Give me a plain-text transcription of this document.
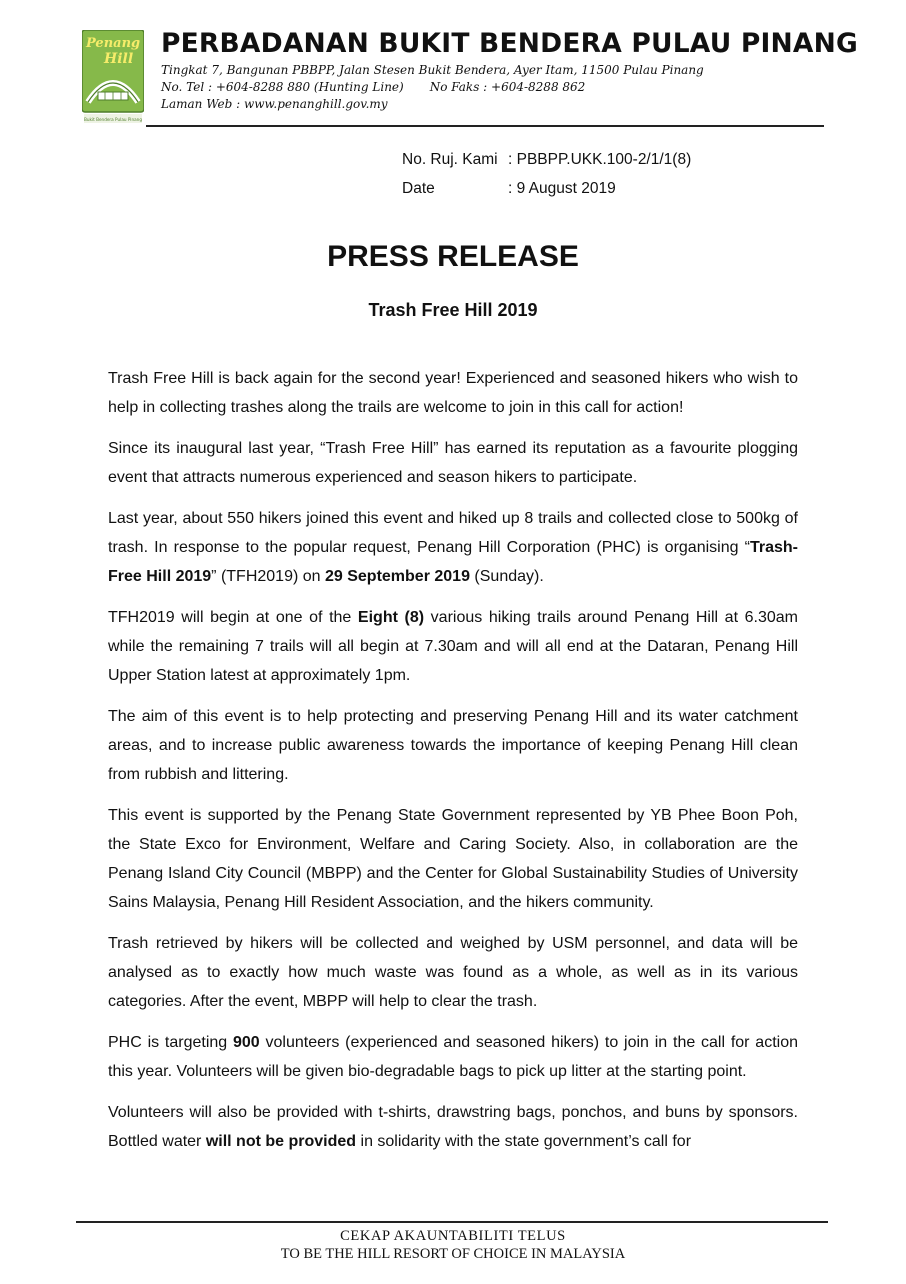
Penang
Hill
Bukit Bendera Pulau Pinang
PERBADANAN BUKIT BENDERA PULAU PINANG
Tingkat 7, Bangunan PBBPP, Jalan Stesen Bukit Bendera, Ayer Itam, 11500 Pulau Pinang
No. Tel : +604-8288 880 (Hunting Line) No Faks : +604-8288 862
Laman Web : www.penanghill.gov.my
No. Ruj. Kami : PBBPP.UKK.100-2/1/1(8)
Date	: 9 August 2019
PRESS RELEASE
Trash Free Hill 2019

Trash Free Hill is back again for the second year! Experienced and seasoned hikers who wish to help in collecting trashes along the trails are welcome to join in this call for action!

Since its inaugural last year, “Trash Free Hill” has earned its reputation as a favourite plogging event that attracts numerous experienced and season hikers to participate.

Last year, about 550 hikers joined this event and hiked up 8 trails and collected close to 500kg of trash. In response to the popular request, Penang Hill Corporation (PHC) is organising “Trash-Free Hill 2019” (TFH2019) on 29 September 2019 (Sunday).

TFH2019 will begin at one of the Eight (8) various hiking trails around Penang Hill at 6.30am while the remaining 7 trails will all begin at 7.30am and will all end at the Dataran, Penang Hill Upper Station latest at approximately 1pm.

The aim of this event is to help protecting and preserving Penang Hill and its water catchment areas, and to increase public awareness towards the importance of keeping Penang Hill clean from rubbish and littering.

This event is supported by the Penang State Government represented by YB Phee Boon Poh, the State Exco for Environment, Welfare and Caring Society. Also, in collaboration are the Penang Island City Council (MBPP) and the Center for Global Sustainability Studies of University Sains Malaysia, Penang Hill Resident Association, and the hikers community.

Trash retrieved by hikers will be collected and weighed by USM personnel, and data will be analysed as to exactly how much waste was found as a whole, as well as in its various categories. After the event, MBPP will help to clear the trash.

PHC is targeting 900 volunteers (experienced and seasoned hikers) to join in the call for action this year. Volunteers will be given bio-degradable bags to pick up litter at the starting point.

Volunteers will also be provided with t-shirts, drawstring bags, ponchos, and buns by sponsors. Bottled water will not be provided in solidarity with the state government’s call for

CEKAP AKAUNTABILITI TELUS
TO BE THE HILL RESORT OF CHOICE IN MALAYSIA
